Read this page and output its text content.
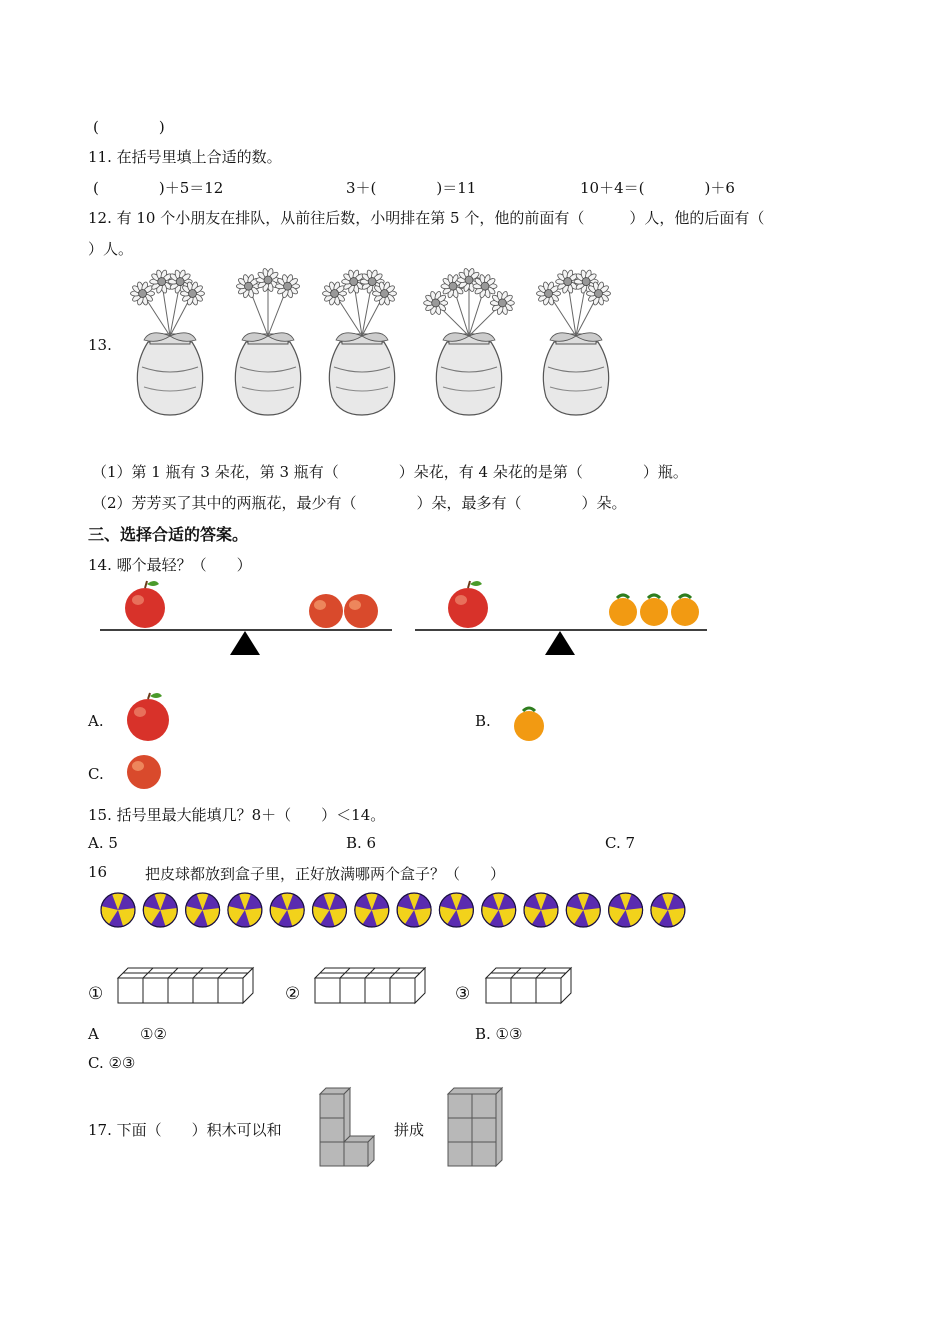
(　　　　)
11. 在括号里填上合适的数。
(　　　　)＋5＝12	3＋(　　　　)＝11	10＋4＝(　　　　)＋6
12. 有 10 个小朋友在排队，从前往后数，小明排在第 5 个，他的前面有（　　　）人，他的后面有（
）人。
13.
（1）第 1 瓶有 3 朵花，第 3 瓶有（　　　　）朵花，有 4 朵花的是第（　　　　）瓶。
（2）芳芳买了其中的两瓶花，最少有（　　　　）朵，最多有（　　　　）朵。
三、选择合适的答案。
14. 哪个最轻？（　　）
A.	B.
C.
15. 括号里最大能填几？8＋（　　）＜14。
A. 5	B. 6	C. 7
16	把皮球都放到盒子里，正好放满哪两个盒子？（　　）
①	②	③
A	①②	B. ①③
C. ②③
17. 下面（　　）积木可以和	拼成
